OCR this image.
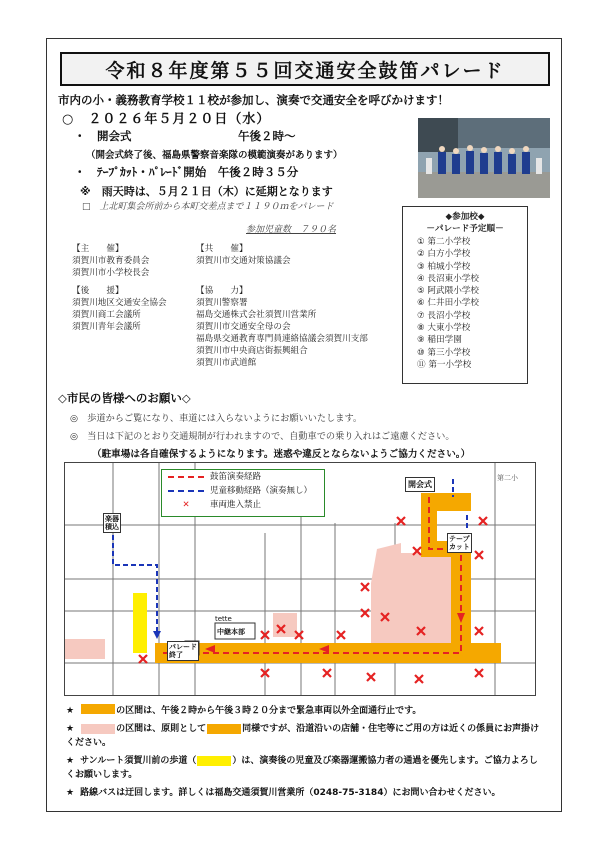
令和８年度第５５回交通安全鼓笛パレード
市内の小・義務教育学校１１校が参加し、演奏で交通安全を呼びかけます！
○　２０２６年５月２０日（水）
・　開会式	午後２時～
（開会式終了後、福島県警察音楽隊の模範演奏があります）
・　ﾃｰﾌﾟｶｯﾄ・ﾊﾟﾚｰﾄﾞ開始　午後２時３５分
※　雨天時は、５月２１日（木）に延期となります
□　上北町集会所前から本町交差点まで１１９０ｍをパレード
参加児童数　７９０名
【主　　催】
須賀川市教育委員会
須賀川市小学校長会
【共　　催】
須賀川市交通対策協議会
【後　　援】
須賀川地区交通安全協会
須賀川商工会議所
須賀川青年会議所
【協　　力】
須賀川警察署
福島交通株式会社須賀川営業所
須賀川市交通安全母の会
福島県交通教育専門員連絡協議会須賀川支部
須賀川市中央商店街振興組合
須賀川市武道館
◆参加校◆
－パレード予定順－
① 第二小学校
② 白方小学校
③ 柏城小学校
④ 長沼東小学校
⑤ 阿武隈小学校
⑥ 仁井田小学校
⑦ 長沼小学校
⑧ 大東小学校
⑨ 稲田学園
⑩ 第三小学校
⑪ 第一小学校
◇市民の皆様へのお願い◇
◎　歩道からご覧になり、車道には入らないようにお願いいたします。
◎　当日は下記のとおり交通規制が行われますので、自動車での乗り入れはご遠慮ください。
（駐車場は各自確保するようになります。迷惑や違反とならないようご協力ください。）
鼓笛演奏経路
児童移動経路（演奏無し）
✕	車両進入禁止
開会式
テープ
カット
パレード
終了
楽器
積込
中継本部
tette
第二小
★	の区間は、午後２時から午後３時２０分まで緊急車両以外全面通行止です。
★	の区間は、原則として	同様ですが、沿道沿いの店舗・住宅等にご用の方は近くの係員にお声掛けください。
★ サンルート須賀川前の歩道（	）は、演奏後の児童及び楽器運搬協力者の通過を優先します。ご協力よろしくお願いします。
★ 路線バスは迂回します。詳しくは福島交通須賀川営業所（0248-75-3184）にお問い合わせください。
